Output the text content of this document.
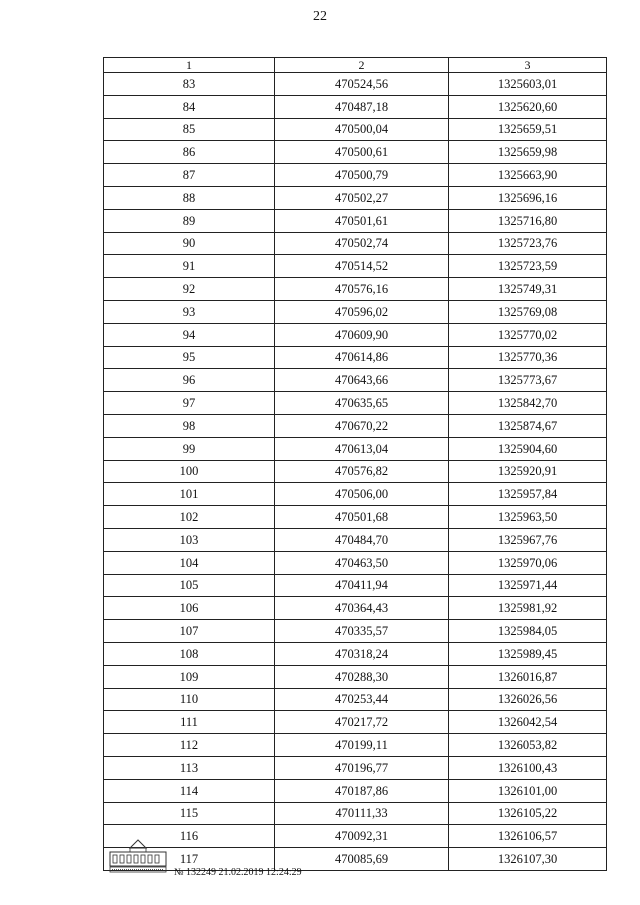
22
1	2	3
83	470524,56	1325603,01
84	470487,18	1325620,60
85	470500,04	1325659,51
86	470500,61	1325659,98
87	470500,79	1325663,90
88	470502,27	1325696,16
89	470501,61	1325716,80
90	470502,74	1325723,76
91	470514,52	1325723,59
92	470576,16	1325749,31
93	470596,02	1325769,08
94	470609,90	1325770,02
95	470614,86	1325770,36
96	470643,66	1325773,67
97	470635,65	1325842,70
98	470670,22	1325874,67
99	470613,04	1325904,60
100	470576,82	1325920,91
101	470506,00	1325957,84
102	470501,68	1325963,50
103	470484,70	1325967,76
104	470463,50	1325970,06
105	470411,94	1325971,44
106	470364,43	1325981,92
107	470335,57	1325984,05
108	470318,24	1325989,45
109	470288,30	1326016,87
110	470253,44	1326026,56
111	470217,72	1326042,54
112	470199,11	1326053,82
113	470196,77	1326100,43
114	470187,86	1326101,00
115	470111,33	1326105,22
116	470092,31	1326106,57
117	470085,69	1326107,30
№ 132249 21.02.2019 12:24:29
